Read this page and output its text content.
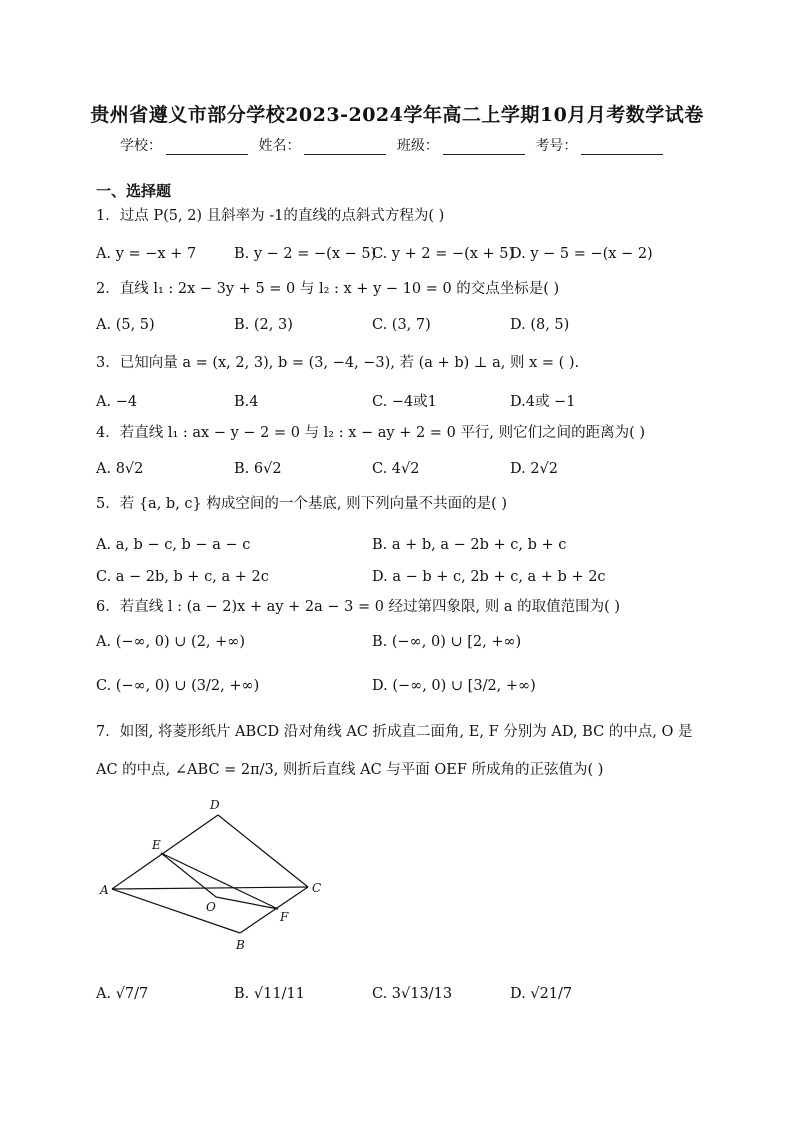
贵州省遵义市部分学校2023-2024学年高二上学期10月月考数学试卷
学校：	姓名：	班级：	考号：
一、选择题
1．过点 P(5, 2) 且斜率为 -1的直线的点斜式方程为( )
A. y = −x + 7	B. y − 2 = −(x − 5)
C. y + 2 = −(x + 5)
D. y − 5 = −(x − 2)
2．直线 l₁ : 2x − 3y + 5 = 0 与 l₂ : x + y − 10 = 0 的交点坐标是( )
A. (5, 5)	B. (2, 3)	C. (3, 7)	D. (8, 5)
3．已知向量 a = (x, 2, 3), b = (3, −4, −3), 若 (a + b) ⊥ a, 则 x = ( ).
A. −4	B.4	C. −4或1	D.4或 −1
4．若直线 l₁ : ax − y − 2 = 0 与 l₂ : x − ay + 2 = 0 平行, 则它们之间的距离为( )
A. 8√2	B. 6√2	C. 4√2	D. 2√2
5．若 {a, b, c} 构成空间的一个基底, 则下列向量不共面的是( )
A. a, b − c, b − a − c	B. a + b, a − 2b + c, b + c
C. a − 2b, b + c, a + 2c	D. a − b + c, 2b + c, a + b + 2c
6．若直线 l : (a − 2)x + ay + 2a − 3 = 0 经过第四象限, 则 a 的取值范围为( )
A. (−∞, 0) ∪ (2, +∞)	B. (−∞, 0) ∪ [2, +∞)
C. (−∞, 0) ∪ (3/2, +∞)	D. (−∞, 0) ∪ [3/2, +∞)
7．如图, 将菱形纸片 ABCD 沿对角线 AC 折成直二面角, E, F 分别为 AD, BC 的中点, O 是
AC 的中点, ∠ABC = 2π/3, 则折后直线 AC 与平面 OEF 所成角的正弦值为( )
D
E
A
O
C
F
B
A. √7/7	B. √11/11	C. 3√13/13	D. √21/7
